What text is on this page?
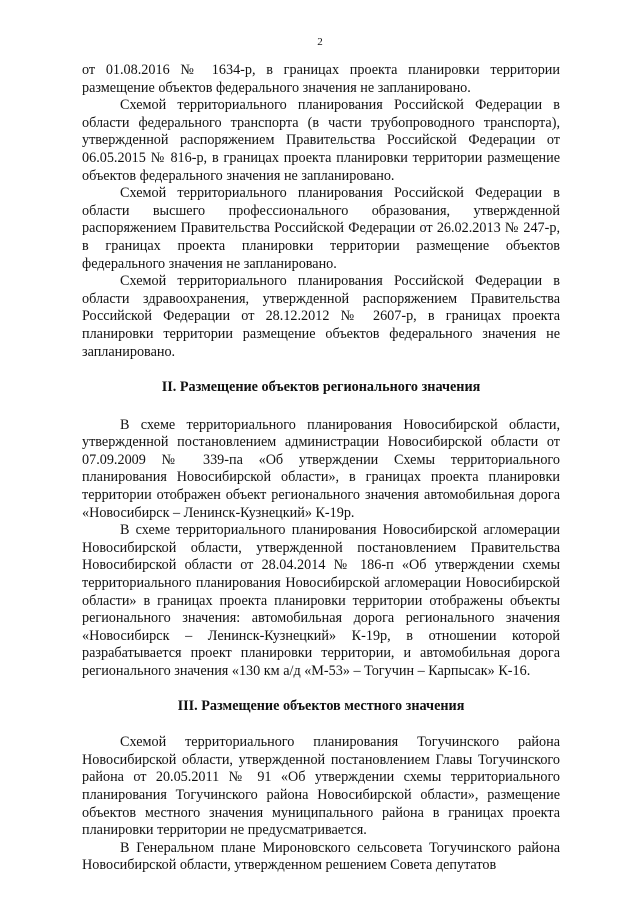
2

от 01.08.2016 № 1634-р, в границах проекта планировки территории размещение объектов федерального значения не запланировано.

Схемой территориального планирования Российской Федерации в области федерального транспорта (в части трубопроводного транспорта), утвержденной распоряжением Правительства Российской Федерации от 06.05.2015 № 816-р, в границах проекта планировки территории размещение объектов федерального значения не запланировано.

Схемой территориального планирования Российской Федерации в области высшего профессионального образования, утвержденной распоряжением Правительства Российской Федерации от 26.02.2013 № 247-р, в границах проекта планировки территории размещение объектов федерального значения не запланировано.

Схемой территориального планирования Российской Федерации в области здравоохранения, утвержденной распоряжением Правительства Российской Федерации от 28.12.2012 № 2607-р, в границах проекта планировки территории размещение объектов федерального значения не запланировано.

II. Размещение объектов регионального значения

В схеме территориального планирования Новосибирской области, утвержденной постановлением администрации Новосибирской области от 07.09.2009 № 339-па «Об утверждении Схемы территориального планирования Новосибирской области», в границах проекта планировки территории отображен объект регионального значения автомобильная дорога «Новосибирск – Ленинск-Кузнецкий» К-19р.

В схеме территориального планирования Новосибирской агломерации Новосибирской области, утвержденной постановлением Правительства Новосибирской области от 28.04.2014 № 186-п «Об утверждении схемы территориального планирования Новосибирской агломерации Новосибирской области» в границах проекта планировки территории отображены объекты регионального значения: автомобильная дорога регионального значения «Новосибирск – Ленинск-Кузнецкий» К-19р, в отношении которой разрабатывается проект планировки территории, и автомобильная дорога регионального значения «130 км а/д «М-53» – Тогучин – Карпысак» К-16.

III. Размещение объектов местного значения

Схемой территориального планирования Тогучинского района Новосибирской области, утвержденной постановлением Главы Тогучинского района от 20.05.2011 № 91 «Об утверждении схемы территориального планирования Тогучинского района Новосибирской области», размещение объектов местного значения муниципального района в границах проекта планировки территории не предусматривается.

В Генеральном плане Мироновского сельсовета Тогучинского района Новосибирской области, утвержденном решением Совета депутатов
